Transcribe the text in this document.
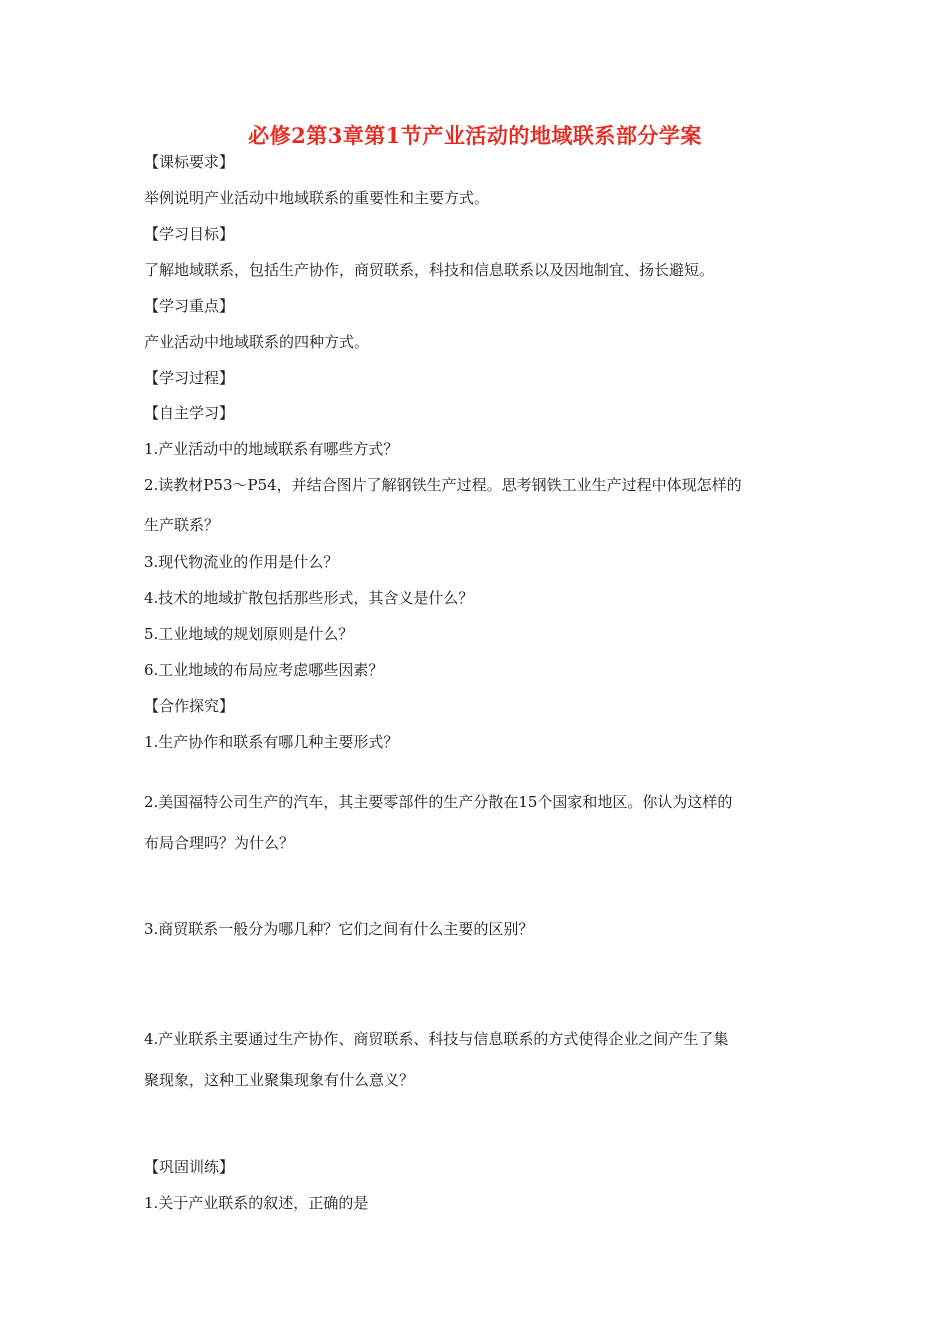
必修2第3章第1节产业活动的地域联系部分学案
【课标要求】
举例说明产业活动中地域联系的重要性和主要方式。
【学习目标】
了解地域联系，包括生产协作，商贸联系，科技和信息联系以及因地制宜、扬长避短。
【学习重点】
产业活动中地域联系的四种方式。
【学习过程】
【自主学习】
1.产业活动中的地域联系有哪些方式？
2.读教材P53～P54，并结合图片了解钢铁生产过程。思考钢铁工业生产过程中体现怎样的
生产联系？
3.现代物流业的作用是什么？
4.技术的地域扩散包括那些形式，其含义是什么？
5.工业地域的规划原则是什么？
6.工业地域的布局应考虑哪些因素？
【合作探究】
1.生产协作和联系有哪几种主要形式？
2.美国福特公司生产的汽车，其主要零部件的生产分散在15个国家和地区。你认为这样的
布局合理吗？为什么？
3.商贸联系一般分为哪几种？它们之间有什么主要的区别？
4.产业联系主要通过生产协作、商贸联系、科技与信息联系的方式使得企业之间产生了集
聚现象，这种工业聚集现象有什么意义？
【巩固训练】
1.关于产业联系的叙述，正确的是
